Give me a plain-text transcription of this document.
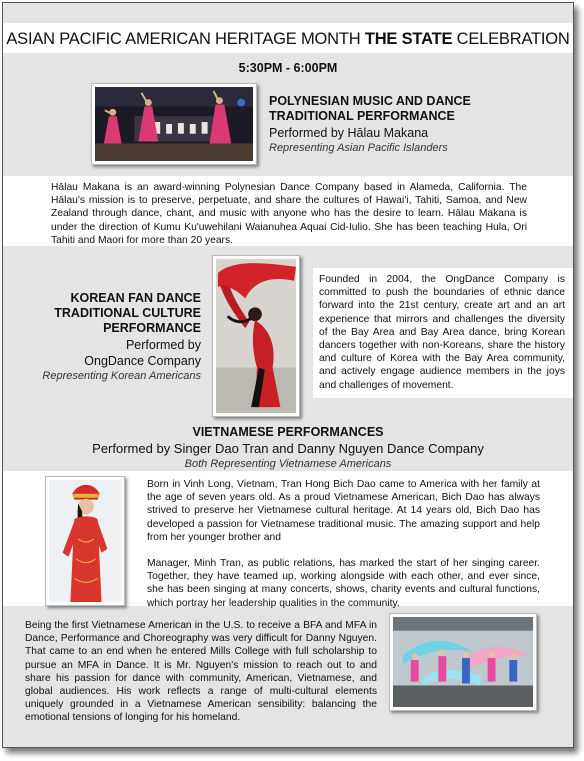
ASIAN PACIFIC AMERICAN HERITAGE MONTH THE STATE CELEBRATION
5:30PM - 6:00PM
POLYNESIAN MUSIC AND DANCE
TRADITIONAL PERFORMANCE
Performed by Hālau Makana
Representing Asian Pacific Islanders
Hālau Makana is an award-winning Polynesian Dance Company based in Alameda, California. The Hālau's mission is to preserve, perpetuate, and share the cultures of Hawai'i, Tahiti, Samoa, and New Zealand through dance, chant, and music with anyone who has the desire to learn. Hālau Makana is under the direction of Kumu Ku'uwehilani Waianuhea Aquai Cid-Iulio. She has been teaching Hula, Ori Tahiti and Maori for more than 20 years.
KOREAN FAN DANCE
TRADITIONAL CULTURE
PERFORMANCE
Performed by
OngDance Company
Representing Korean Americans
Founded in 2004, the OngDance Company is committed to push the boundaries of ethnic dance forward into the 21st century, create art and an art experience that mirrors and challenges the diversity of the Bay Area and Bay Area dance, bring Korean dancers together with non-Koreans, share the history and culture of Korea with the Bay Area community, and actively engage audience members in the joys and challenges of movement.
VIETNAMESE PERFORMANCES
Performed by Singer Dao Tran and Danny Nguyen Dance Company
Both Representing Vietnamese Americans
Born in Vinh Long, Vietnam, Tran Hong Bich Dao came to America with her family at the age of seven years old. As a proud Vietnamese American, Bich Dao has always strived to preserve her Vietnamese cultural heritage. At 14 years old, Bich Dao has developed a passion for Vietnamese traditional music. The amazing support and help from her younger brother and
Manager, Minh Tran, as public relations, has marked the start of her singing career. Together, they have teamed up, working alongside with each other, and ever since, she has been singing at many concerts, shows, charity events and cultural functions, which portray her leadership qualities in the community.
Being the first Vietnamese American in the U.S. to receive a BFA and MFA in Dance, Performance and Choreography was very difficult for Danny Nguyen. That came to an end when he entered Mills College with full scholarship to pursue an MFA in Dance. It is Mr. Nguyen's mission to reach out to and share his passion for dance with community, American, Vietnamese, and global audiences. His work reflects a range of multi-cultural elements uniquely grounded in a Vietnamese American sensibility: balancing the emotional tensions of longing for his homeland.
